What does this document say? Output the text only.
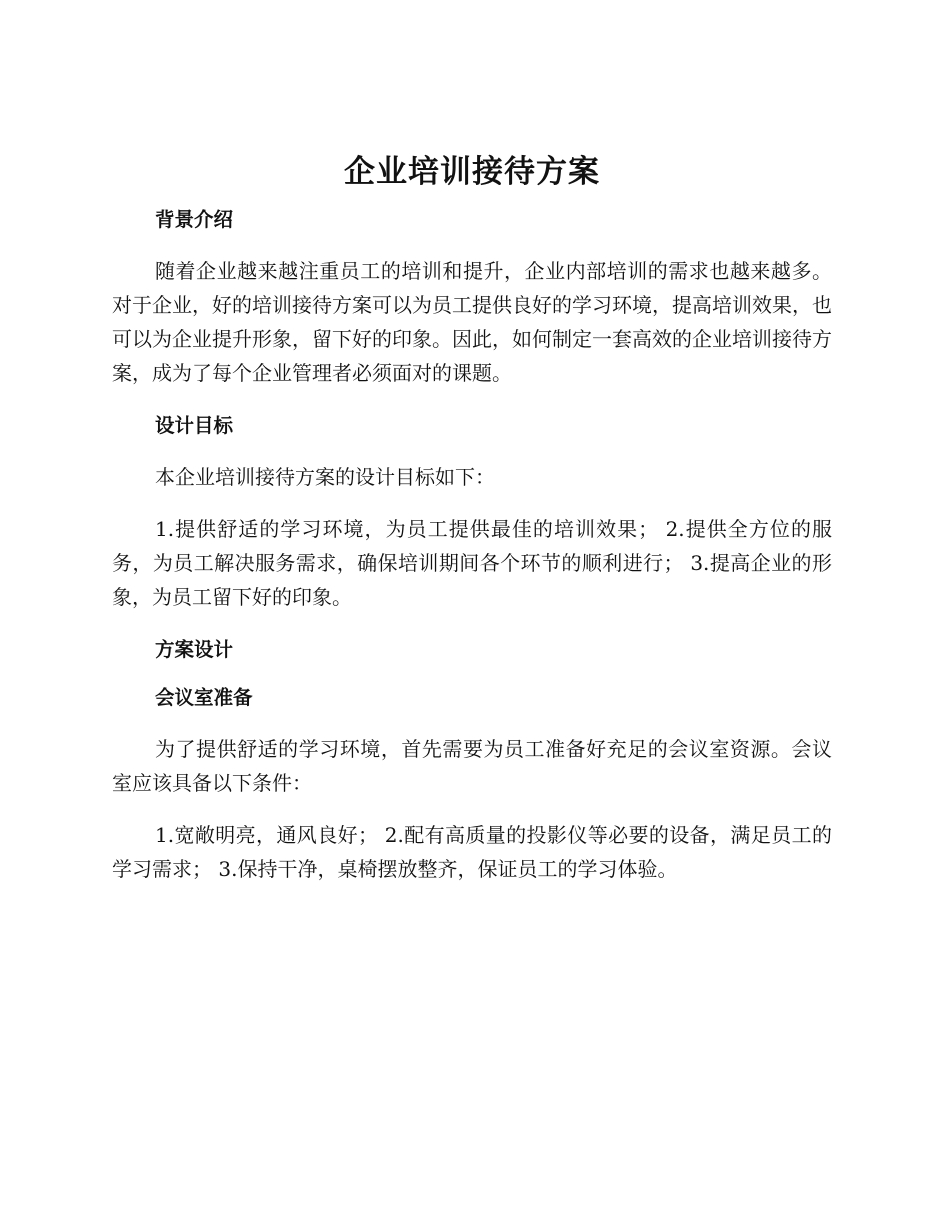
企业培训接待方案
背景介绍

随着企业越来越注重员工的培训和提升，企业内部培训的需求也越来越多。对于企业，好的培训接待方案可以为员工提供良好的学习环境，提高培训效果，也可以为企业提升形象，留下好的印象。因此，如何制定一套高效的企业培训接待方案，成为了每个企业管理者必须面对的课题。

设计目标

本企业培训接待方案的设计目标如下：

1.提供舒适的学习环境，为员工提供最佳的培训效果； 2.提供全方位的服务，为员工解决服务需求，确保培训期间各个环节的顺利进行； 3.提高企业的形象，为员工留下好的印象。

方案设计
会议室准备

为了提供舒适的学习环境，首先需要为员工准备好充足的会议室资源。会议室应该具备以下条件：

1.宽敞明亮，通风良好； 2.配有高质量的投影仪等必要的设备，满足员工的学习需求； 3.保持干净，桌椅摆放整齐，保证员工的学习体验。
